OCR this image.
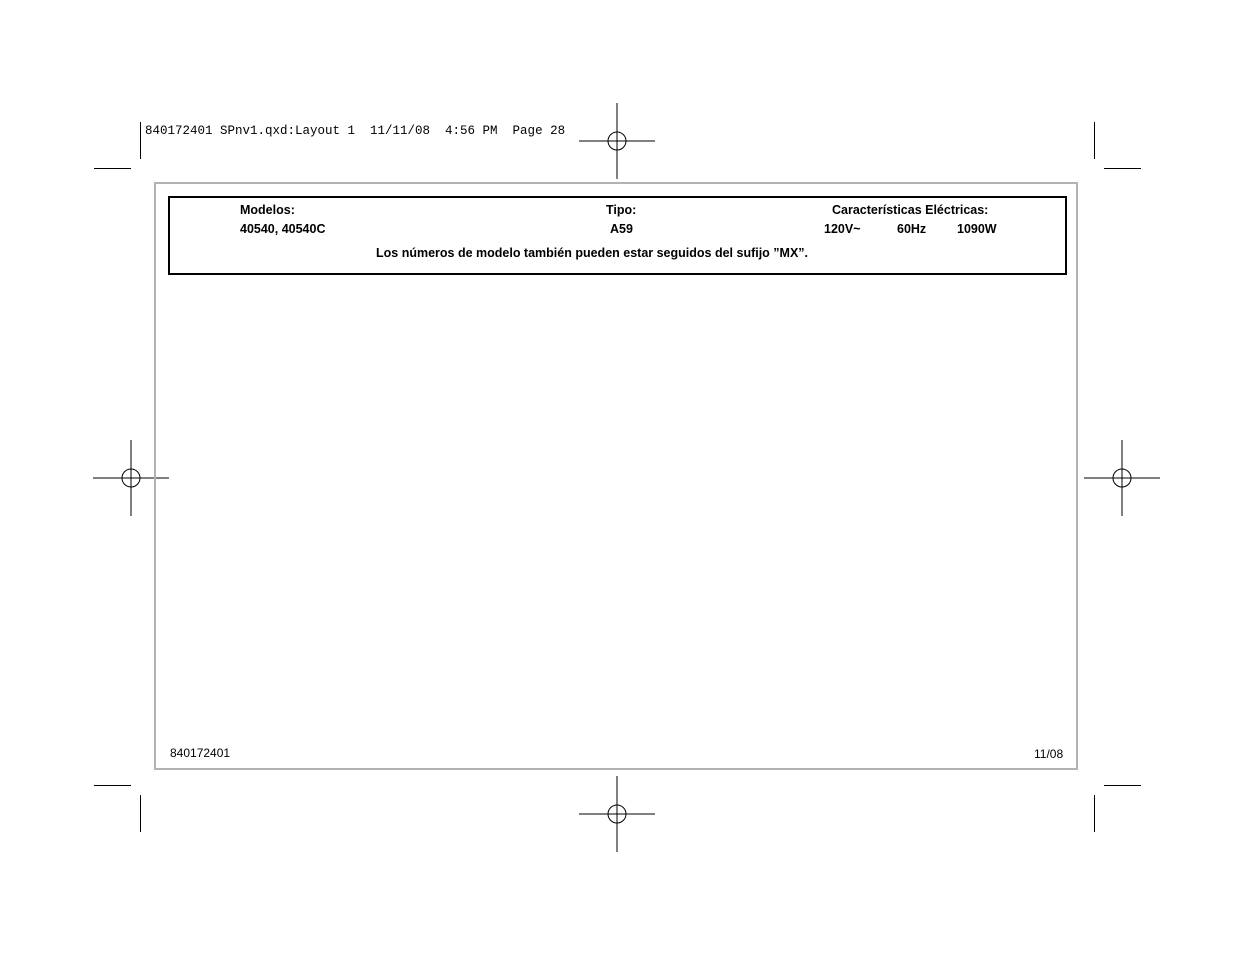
840172401 SPnv1.qxd:Layout 1  11/11/08  4:56 PM  Page 28
Modelos:
40540, 40540C
Tipo:
A59
Características Eléctricas:
120V~	60Hz 1090W
Los números de modelo también pueden estar seguidos del sufijo ”MX”.
840172401	11/08
